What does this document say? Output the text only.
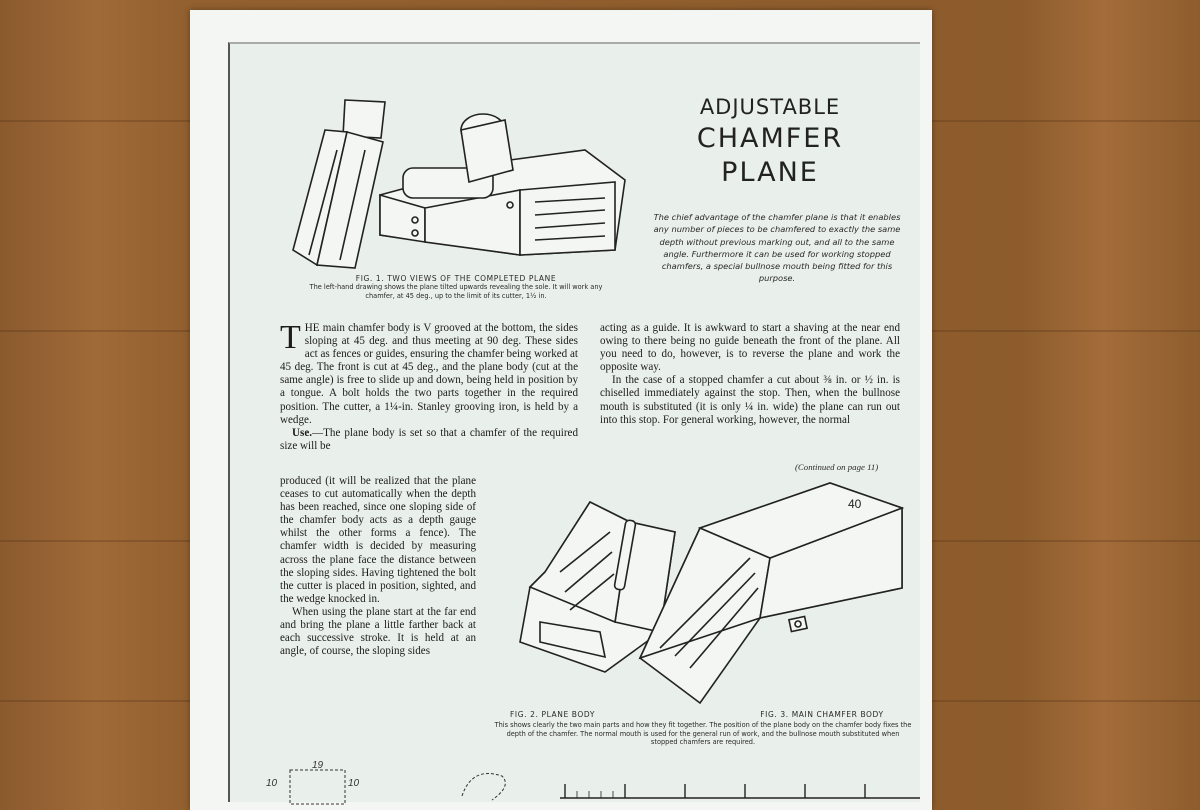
ADJUSTABLE
CHAMFER
PLANE
The chief advantage of the chamfer plane is that it enables any number of pieces to be chamfered to exactly the same depth without previous marking out, and all to the same angle. Furthermore it can be used for working stopped chamfers, a special bullnose mouth being fitted for this purpose.
FIG. 1. TWO VIEWS OF THE COMPLETED PLANE
The left-hand drawing shows the plane tilted upwards revealing the sole. It will work any chamfer, at 45 deg., up to the limit of its cutter, 1½ in.

THE main chamfer body is V grooved at the bottom, the sides sloping at 45 deg. and thus meeting at 90 deg. These sides act as fences or guides, ensuring the chamfer being worked at 45 deg. The front is cut at 45 deg., and the plane body (cut at the same angle) is free to slide up and down, being held in position by a tongue. A bolt holds the two parts together in the required position. The cutter, a 1¼-in. Stanley grooving iron, is held by a wedge.

Use.—The plane body is set so that a chamfer of the required size will be

produced (it will be realized that the plane ceases to cut automatically when the depth has been reached, since one sloping side of the chamfer body acts as a depth gauge whilst the other forms a fence). The chamfer width is decided by measuring across the plane face the distance between the sloping sides. Having tightened the bolt the cutter is placed in position, sighted, and the wedge knocked in.

When using the plane start at the far end and bring the plane a little farther back at each successive stroke. It is held at an angle, of course, the sloping sides

acting as a guide. It is awkward to start a shaving at the near end owing to there being no guide beneath the front of the plane. All you need to do, however, is to reverse the plane and work the opposite way.

In the case of a stopped chamfer a cut about ⅜ in. or ½ in. is chiselled immediately against the stop. Then, when the bullnose mouth is substituted (it is only ¼ in. wide) the plane can run out into this stop. For general working, however, the normal

(Continued on page 11)
40
FIG. 2. PLANE BODY	FIG. 3. MAIN CHAMFER BODY
This shows clearly the two main parts and how they fit together. The position of the plane body on the chamfer body fixes the depth of the chamfer. The normal mouth is used for the general run of work, and the bullnose mouth substituted when stopped chamfers are required.
19
10	10
